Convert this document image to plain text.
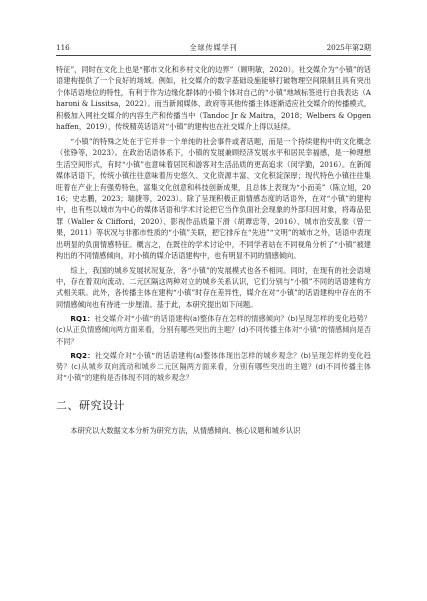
116	全球传媒学刊	2025年第2期

特征”，同时在文化上也是“都市文化和乡村文化的边界”（顾明敏，2020）。社交媒介为“小镇”的话语建构提供了一个良好的场域。例如，社交媒介的数字基础设施能够打破物理空间限制且具有突出个体话语地位的特性，有利于作为边缘化群体的小镇个体对自己的“小镇”地域标签进行自我表达（Aharoni & Lissitsa，2022）。而当新闻媒体、政府等其他传播主体逐渐适应社交媒介的传播模式，积极加入网社交媒介的内容生产和传播当中（Tandoc Jr & Maitra，2018；Welbers & Opgenhaffen，2019），传统精英话语对“小镇”的建构也在社交媒介上得以延续。

“小镇”的特殊之处在于它并非一个单纯的社会事件或者话题，而是一个持续建构中的文化概念（张铮等，2023）。在政治话语体系下，小镇的发展兼顾经济发展水平和居民幸福感，是一种理想生活空间形式，有时“小镇”也意味着居民和游客对生活品质的更高追求（闵学勤，2016）。在新闻媒体话语下，传统小镇往往意味着历史悠久、文化资源丰富、文化积淀深厚；现代特色小镇往往集旺着在产业上有强势特色，富集文化创意和科技创新成果，且总体上表现为“小而美”（陈立旭，2016；史志鹏，2023；瑞捷等，2023）。除了呈现积极正面情感态度的话语外，在对“小镇”的建构中，也有些以城市为中心的媒体话语和学术讨论把它当作负面社会现象的外部归因对象，将毒品犯罪（Waller & Clifford，2020）、影视作品质量下滑（胡谭忠等，2016）、城市治安乱象（曾一果，2011）等状况与非都市性质的“小镇”关联，把它排斥在“先进”“文明”的城市之外，话语中表现出明显的负面情感特征。概言之，在既往的学术讨论中，不同学者站在不同视角分析了“小镇”被建构出的不同情感倾向，对小镇的媒介话语建构中，也有明显不同的情感倾向。

综上，我国的城乡发展状况复杂，各“小镇”的发展模式也各不相同。同时，在现有的社会语境中，存在着双向流动、二元区隔这两种对立的城乡关系认识，它们分别与“小镇”不同的话语建构方式相关联。此外，各传播主体在建构“小镇”时存在差异性，媒介在对“小镇”的话语建构中存在的不同情感倾向也有待进一步厘清。基于此，本研究提出如下问题。

RQ1：社交媒介对“小镇”的话语建构(a)整体存在怎样的情感倾向？(b)呈现怎样的变化趋势？(c)从正负情感倾向两方面来看，分别有哪些突出的主题？(d)不同传播主体对“小镇”的情感倾向是否不同？
RQ2：社交媒介对“小镇”的话语建构(a)整体体现出怎样的城乡观念？(b)呈现怎样的变化趋势？(c)从城乡双向流动和城乡二元区隔两方面来看，分别有哪些突出的主题？(d)不同传播主体对“小镇”的建构是否体现不同的城乡观念？
二、研究设计

本研究以大数据文本分析为研究方法，从情感倾向、核心议题和城乡认识
